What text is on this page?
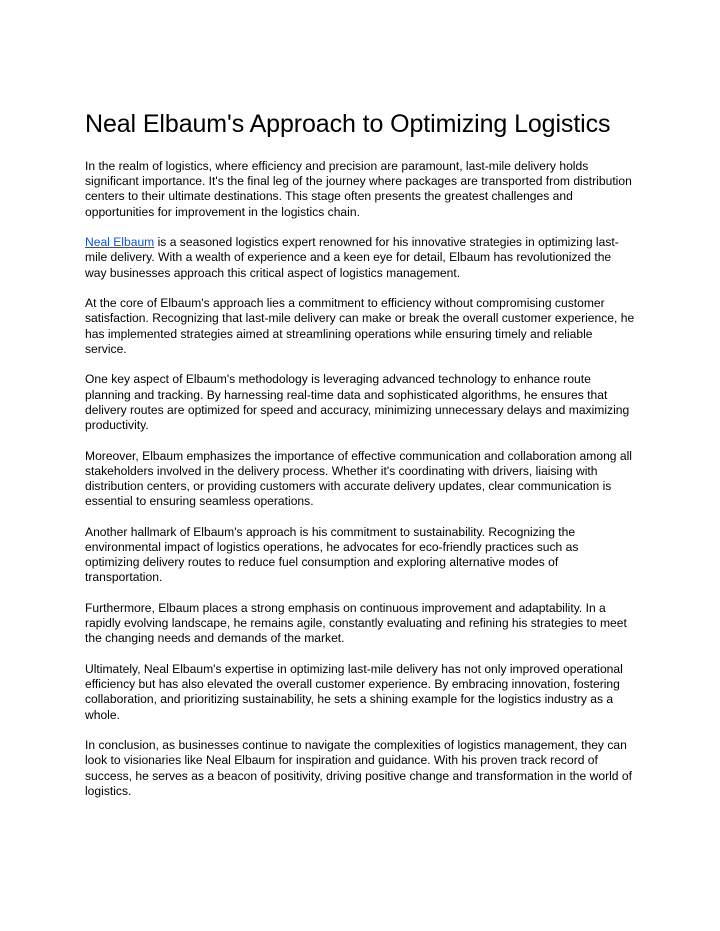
Neal Elbaum's Approach to Optimizing Logistics

In the realm of logistics, where efficiency and precision are paramount, last-mile delivery holds significant importance. It's the final leg of the journey where packages are transported from distribution centers to their ultimate destinations. This stage often presents the greatest challenges and opportunities for improvement in the logistics chain.

Neal Elbaum is a seasoned logistics expert renowned for his innovative strategies in optimizing last-mile delivery. With a wealth of experience and a keen eye for detail, Elbaum has revolutionized the way businesses approach this critical aspect of logistics management.

At the core of Elbaum's approach lies a commitment to efficiency without compromising customer satisfaction. Recognizing that last-mile delivery can make or break the overall customer experience, he has implemented strategies aimed at streamlining operations while ensuring timely and reliable service.

One key aspect of Elbaum's methodology is leveraging advanced technology to enhance route planning and tracking. By harnessing real-time data and sophisticated algorithms, he ensures that delivery routes are optimized for speed and accuracy, minimizing unnecessary delays and maximizing productivity.

Moreover, Elbaum emphasizes the importance of effective communication and collaboration among all stakeholders involved in the delivery process. Whether it's coordinating with drivers, liaising with distribution centers, or providing customers with accurate delivery updates, clear communication is essential to ensuring seamless operations.

Another hallmark of Elbaum's approach is his commitment to sustainability. Recognizing the environmental impact of logistics operations, he advocates for eco-friendly practices such as optimizing delivery routes to reduce fuel consumption and exploring alternative modes of transportation.

Furthermore, Elbaum places a strong emphasis on continuous improvement and adaptability. In a rapidly evolving landscape, he remains agile, constantly evaluating and refining his strategies to meet the changing needs and demands of the market.

Ultimately, Neal Elbaum's expertise in optimizing last-mile delivery has not only improved operational efficiency but has also elevated the overall customer experience. By embracing innovation, fostering collaboration, and prioritizing sustainability, he sets a shining example for the logistics industry as a whole.

In conclusion, as businesses continue to navigate the complexities of logistics management, they can look to visionaries like Neal Elbaum for inspiration and guidance. With his proven track record of success, he serves as a beacon of positivity, driving positive change and transformation in the world of logistics.
